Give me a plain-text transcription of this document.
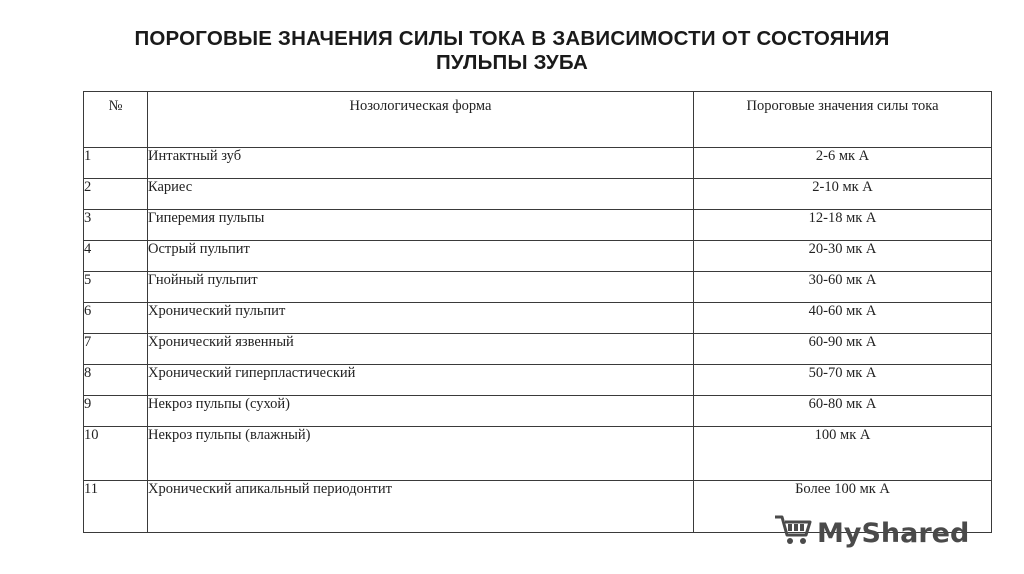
ПОРОГОВЫЕ ЗНАЧЕНИЯ СИЛЫ ТОКА В ЗАВИСИМОСТИ ОТ СОСТОЯНИЯ
ПУЛЬПЫ ЗУБА
№	Нозологическая форма	Пороговые значения силы тока
1	Интактный зуб	2-6 мк А
2	Кариес	2-10 мк А
3	Гиперемия пульпы	12-18 мк А
4	Острый пульпит	20-30 мк А
5	Гнойный пульпит	30-60 мк А
6	Хронический пульпит	40-60 мк А
7	Хронический язвенный	60-90 мк А
8	Хронический гиперпластический	50-70 мк А
9	Некроз пульпы (сухой)	60-80 мк А
10	Некроз пульпы (влажный)	100 мк А
11	Хронический апикальный периодонтит	Более 100 мк А
MyShared
